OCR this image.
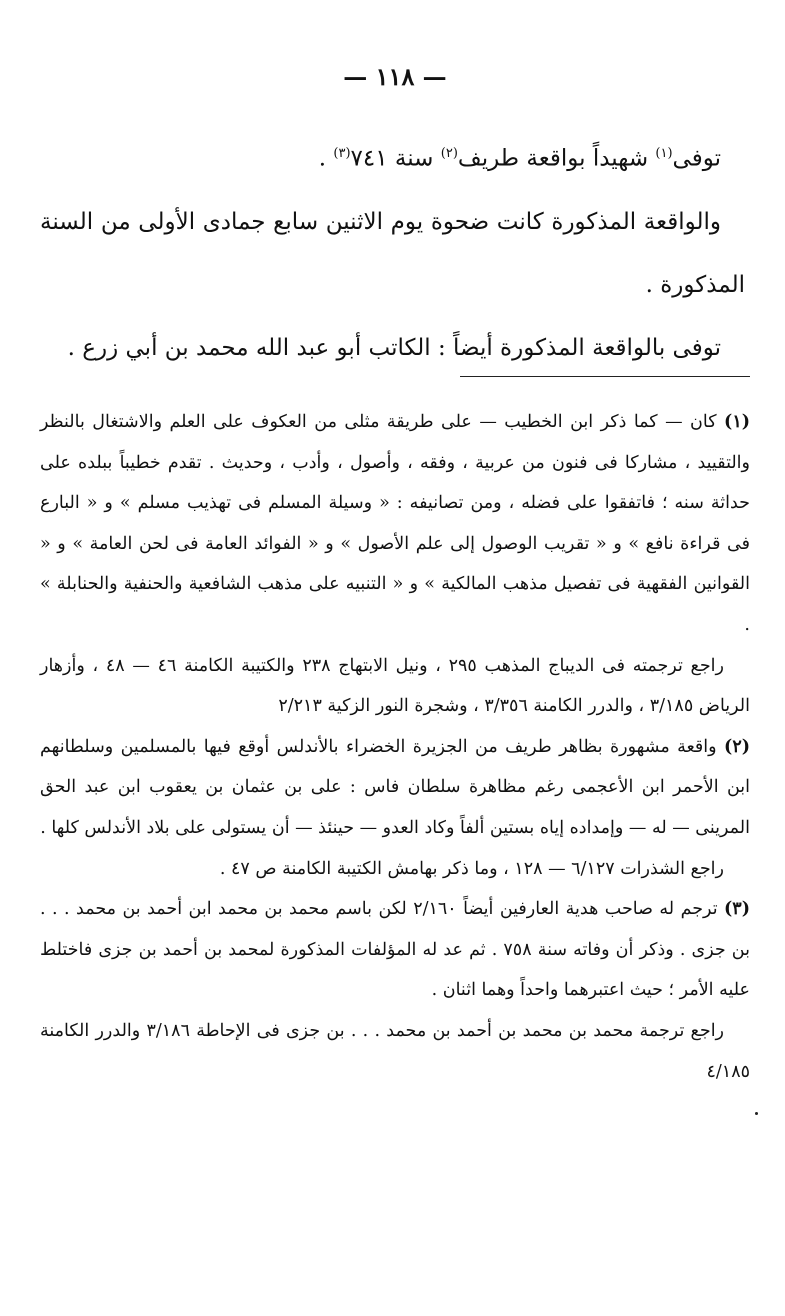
— ١١٨ —

توفى$^{(١)}$ شهيداً بواقعة طريف$^{(٢)}$ سنة ٧٤١$^{(٣)}$ .

والواقعة المذكورة كانت ضحوة يوم الاثنين سابع جمادى الأولى من السنة المذكورة .

توفى بالواقعة المذكورة أيضاً : الكاتب أبو عبد الله محمد بن أبي زرع .

(١) كان — كما ذكر ابن الخطيب — على طريقة مثلى من العكوف على العلم والاشتغال بالنظر والتقييد ، مشاركا فى فنون من عربية ، وفقه ، وأصول ، وأدب ، وحديث . تقدم خطيباً ببلده على حداثة سنه ؛ فاتفقوا على فضله ، ومن تصانيفه : « وسيلة المسلم فى تهذيب مسلم » و « البارع فى قراءة نافع » و « تقريب الوصول إلى علم الأصول » و « الفوائد العامة فى لحن العامة » و « القوانين الفقهية فى تفصيل مذهب المالكية » و « التنبيه على مذهب الشافعية والحنفية والحنابلة » .

راجع ترجمته فى الديباج المذهب ٢٩٥ ، ونيل الابتهاج ٢٣٨ والكتيبة الكامنة ٤٦ — ٤٨ ، وأزهار الرياض ٣/١٨٥ ، والدرر الكامنة ٣/٣٥٦ ، وشجرة النور الزكية ٢/٢١٣

(٢) واقعة مشهورة بظاهر طريف من الجزيرة الخضراء بالأندلس أوقع فيها بالمسلمين وسلطانهم ابن الأحمر ابن الأعجمى رغم مظاهرة سلطان فاس : على بن عثمان بن يعقوب ابن عبد الحق المرينى — له — وإمداده إياه بستين ألفاً وكاد العدو — حينئذ — أن يستولى على بلاد الأندلس كلها .

راجع الشذرات ٦/١٢٧ — ١٢٨ ، وما ذكر بهامش الكتيبة الكامنة ص ٤٧ .

(٣) ترجم له صاحب هدية العارفين أيضاً ٢/١٦٠ لكن باسم محمد بن محمد ابن أحمد بن محمد . . . بن جزى . وذكر أن وفاته سنة ٧٥٨ . ثم عد له المؤلفات المذكورة لمحمد بن أحمد بن جزى فاختلط عليه الأمر ؛ حيث اعتبرهما واحداً وهما اثنان .

راجع ترجمة محمد بن محمد بن أحمد بن محمد . . . بن جزى فى الإحاطة ٣/١٨٦ والدرر الكامنة ٤/١٨٥
